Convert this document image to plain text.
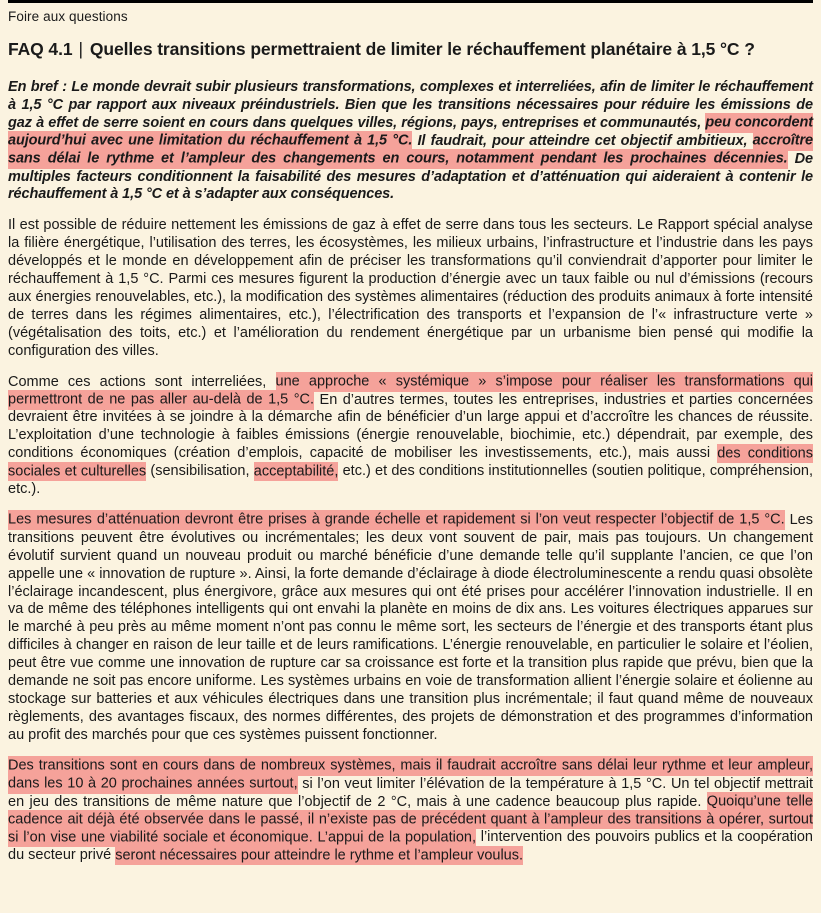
Foire aux questions

FAQ 4.1 | Quelles transitions permettraient de limiter le réchauffement planétaire à 1,5 °C ?

En bref : Le monde devrait subir plusieurs transformations, complexes et interreliées, afin de limiter le réchauffement à 1,5 °C par rapport aux niveaux préindustriels. Bien que les transitions nécessaires pour réduire les émissions de gaz à effet de serre soient en cours dans quelques villes, régions, pays, entreprises et communautés, peu concordent aujourd’hui avec une limitation du réchauffement à 1,5 °C. Il faudrait, pour atteindre cet objectif ambitieux, accroître sans délai le rythme et l’ampleur des changements en cours, notamment pendant les prochaines décennies. De multiples facteurs conditionnent la faisabilité des mesures d’adaptation et d’atténuation qui aideraient à contenir le réchauffement à 1,5 °C et à s’adapter aux conséquences.

Il est possible de réduire nettement les émissions de gaz à effet de serre dans tous les secteurs. Le Rapport spécial analyse la filière énergétique, l’utilisation des terres, les écosystèmes, les milieux urbains, l’infrastructure et l’industrie dans les pays développés et le monde en développement afin de préciser les transformations qu’il conviendrait d’apporter pour limiter le réchauffement à 1,5 °C. Parmi ces mesures figurent la production d’énergie avec un taux faible ou nul d’émissions (recours aux énergies renouvelables, etc.), la modification des systèmes alimentaires (réduction des produits animaux à forte intensité de terres dans les régimes alimentaires, etc.), l’électrification des transports et l’expansion de l’« infrastructure verte » (végétalisation des toits, etc.) et l’amélioration du rendement énergétique par un urbanisme bien pensé qui modifie la configuration des villes.

Comme ces actions sont interreliées, une approche « systémique » s’impose pour réaliser les transformations qui permettront de ne pas aller au-delà de 1,5 °C. En d’autres termes, toutes les entreprises, industries et parties concernées devraient être invitées à se joindre à la démarche afin de bénéficier d’un large appui et d’accroître les chances de réussite. L’exploitation d’une technologie à faibles émissions (énergie renouvelable, biochimie, etc.) dépendrait, par exemple, des conditions économiques (création d’emplois, capacité de mobiliser les investissements, etc.), mais aussi des conditions sociales et culturelles (sensibilisation, acceptabilité, etc.) et des conditions institutionnelles (soutien politique, compréhension, etc.).

Les mesures d’atténuation devront être prises à grande échelle et rapidement si l’on veut respecter l’objectif de 1,5 °C. Les transitions peuvent être évolutives ou incrémentales; les deux vont souvent de pair, mais pas toujours. Un changement évolutif survient quand un nouveau produit ou marché bénéficie d’une demande telle qu’il supplante l’ancien, ce que l’on appelle une « innovation de rupture ». Ainsi, la forte demande d’éclairage à diode électroluminescente a rendu quasi obsolète l’éclairage incandescent, plus énergivore, grâce aux mesures qui ont été prises pour accélérer l’innovation industrielle. Il en va de même des téléphones intelligents qui ont envahi la planète en moins de dix ans. Les voitures électriques apparues sur le marché à peu près au même moment n’ont pas connu le même sort, les secteurs de l’énergie et des transports étant plus difficiles à changer en raison de leur taille et de leurs ramifications. L’énergie renouvelable, en particulier le solaire et l’éolien, peut être vue comme une innovation de rupture car sa croissance est forte et la transition plus rapide que prévu, bien que la demande ne soit pas encore uniforme. Les systèmes urbains en voie de transformation allient l’énergie solaire et éolienne au stockage sur batteries et aux véhicules électriques dans une transition plus incrémentale; il faut quand même de nouveaux règlements, des avantages fiscaux, des normes différentes, des projets de démonstration et des programmes d’information au profit des marchés pour que ces systèmes puissent fonctionner.

Des transitions sont en cours dans de nombreux systèmes, mais il faudrait accroître sans délai leur rythme et leur ampleur, dans les 10 à 20 prochaines années surtout, si l’on veut limiter l’élévation de la température à 1,5 °C. Un tel objectif mettrait en jeu des transitions de même nature que l’objectif de 2 °C, mais à une cadence beaucoup plus rapide. Quoiqu’une telle cadence ait déjà été observée dans le passé, il n’existe pas de précédent quant à l’ampleur des transitions à opérer, surtout si l’on vise une viabilité sociale et économique. L’appui de la population, l’intervention des pouvoirs publics et la coopération du secteur privé seront nécessaires pour atteindre le rythme et l’ampleur voulus.
